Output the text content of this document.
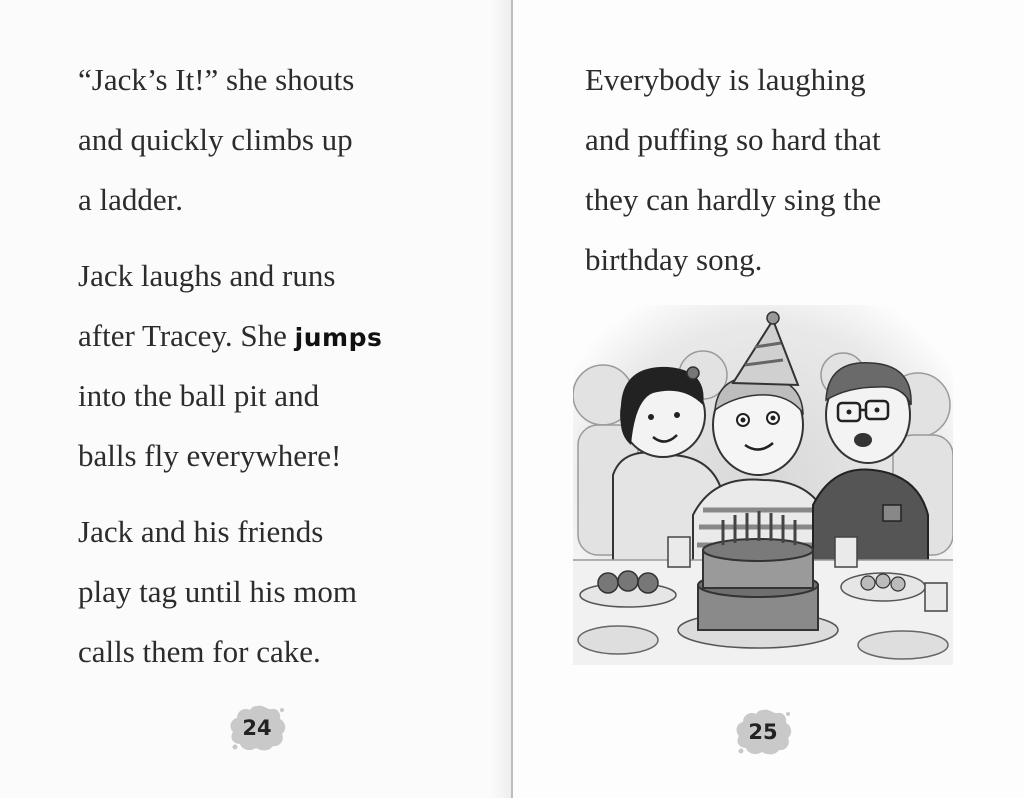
“Jack’s It!” she shouts
and quickly climbs up
a ladder.
Jack laughs and runs
after Tracey. She jumps
into the ball pit and
balls fly everywhere!
Jack and his friends
play tag until his mom
calls them for cake.
24
Everybody is laughing
and puffing so hard that
they can hardly sing the
birthday song.
25
